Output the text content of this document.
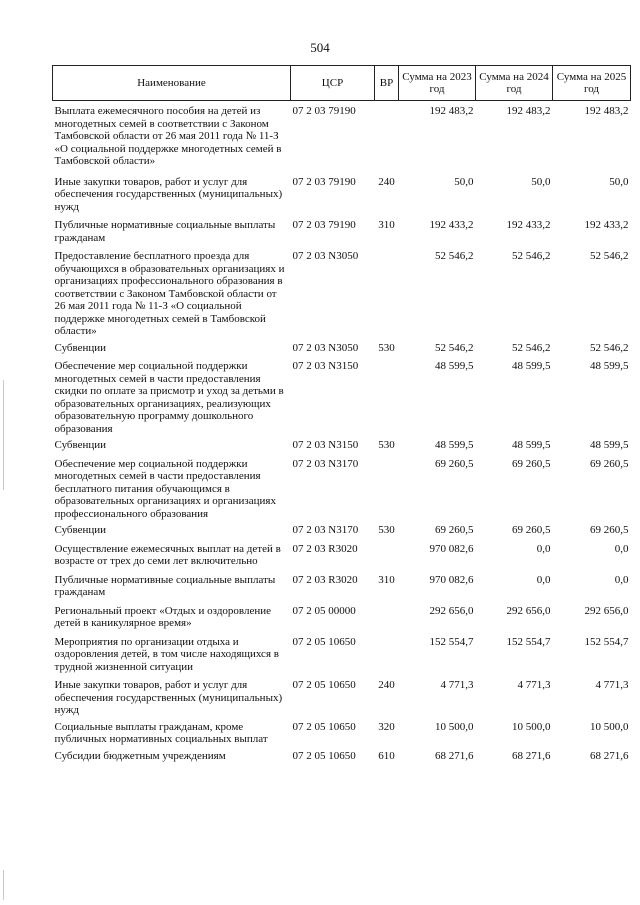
504
Наименование	ЦСР	ВР	Сумма на 2023 год	Сумма на 2024 год	Сумма на 2025 год
Выплата ежемесячного пособия на детей из многодетных семей в соответствии с Законом Тамбовской области от 26 мая 2011 года № 11-З «О социальной поддержке многодетных семей в Тамбовской области»	07 2 03 79190		192 483,2	192 483,2	192 483,2
Иные закупки товаров, работ и услуг для обеспечения государственных (муниципальных) нужд	07 2 03 79190	240	50,0	50,0	50,0
Публичные нормативные социальные выплаты гражданам	07 2 03 79190	310	192 433,2	192 433,2	192 433,2
Предоставление бесплатного проезда для обучающихся в образовательных организациях и организациях профессионального образования в соответствии с Законом Тамбовской области от 26 мая 2011 года № 11-З «О социальной поддержке многодетных семей в Тамбовской области»	07 2 03 N3050		52 546,2	52 546,2	52 546,2
Субвенции	07 2 03 N3050	530	52 546,2	52 546,2	52 546,2
Обеспечение мер социальной поддержки многодетных семей в части предоставления скидки по оплате за присмотр и уход за детьми в образовательных организациях, реализующих образовательную программу дошкольного образования	07 2 03 N3150		48 599,5	48 599,5	48 599,5
Субвенции	07 2 03 N3150	530	48 599,5	48 599,5	48 599,5
Обеспечение мер социальной поддержки многодетных семей в части предоставления бесплатного питания обучающимся в образовательных организациях и организациях профессионального образования	07 2 03 N3170		69 260,5	69 260,5	69 260,5
Субвенции	07 2 03 N3170	530	69 260,5	69 260,5	69 260,5
Осуществление ежемесячных выплат на детей в возрасте от трех до семи лет включительно	07 2 03 R3020		970 082,6	0,0	0,0
Публичные нормативные социальные выплаты гражданам	07 2 03 R3020	310	970 082,6	0,0	0,0
Региональный проект «Отдых и оздоровление детей в каникулярное время»	07 2 05 00000		292 656,0	292 656,0	292 656,0
Мероприятия по организации отдыха и оздоровления детей, в том числе находящихся в трудной жизненной ситуации	07 2 05 10650		152 554,7	152 554,7	152 554,7
Иные закупки товаров, работ и услуг для обеспечения государственных (муниципальных) нужд	07 2 05 10650	240	4 771,3	4 771,3	4 771,3
Социальные выплаты гражданам, кроме публичных нормативных социальных выплат	07 2 05 10650	320	10 500,0	10 500,0	10 500,0
Субсидии бюджетным учреждениям	07 2 05 10650	610	68 271,6	68 271,6	68 271,6
